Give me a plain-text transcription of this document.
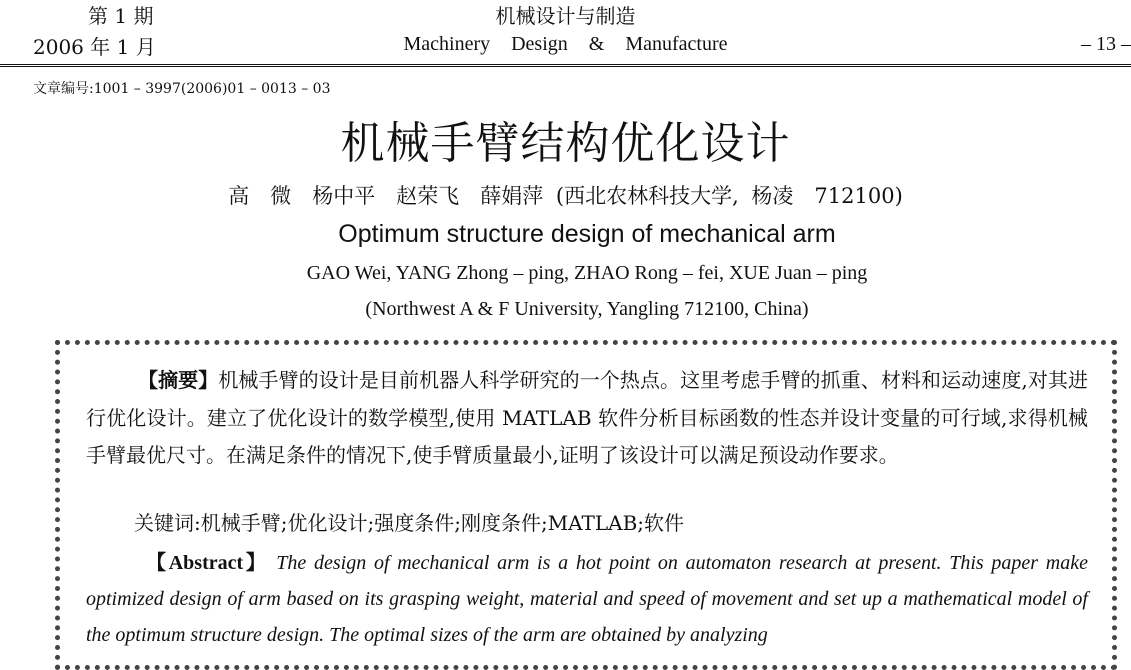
第 1 期
2006 年 1 月
机械设计与制造
Machinery Design & Manufacture	– 13 –
文章编号:1001 – 3997(2006)01 – 0013 – 03
机械手臂结构优化设计
高　微　杨中平　赵荣飞　薛娟萍 (西北农林科技大学, 杨凌　712100)
Optimum structure design of mechanical arm
GAO Wei, YANG Zhong – ping, ZHAO Rong – fei, XUE Juan – ping
(Northwest A & F University, Yangling 712100, China)
【摘要】机械手臂的设计是目前机器人科学研究的一个热点。这里考虑手臂的抓重、材料和运动速度,对其进行优化设计。建立了优化设计的数学模型,使用 MATLAB 软件分析目标函数的性态并设计变量的可行域,求得机械手臂最优尺寸。在满足条件的情况下,使手臂质量最小,证明了该设计可以满足预设动作要求。
关键词:机械手臂;优化设计;强度条件;刚度条件;MATLAB;软件
【Abstract】 The design of mechanical arm is a hot point on automaton research at present. This paper make optimized design of arm based on its grasping weight, material and speed of movement and set up a mathematical model of the optimum structure design. The optimal sizes of the arm are obtained by analyzing
